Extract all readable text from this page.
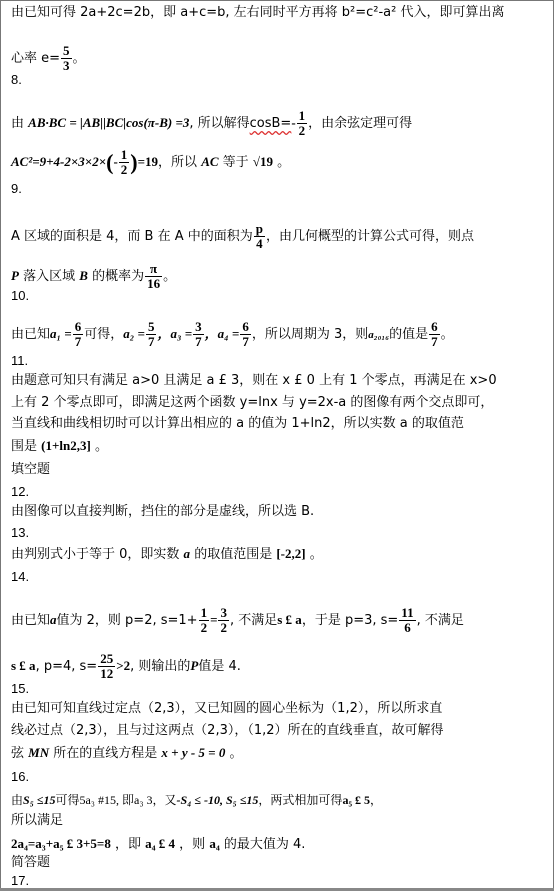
由已知可得 2a+2c=2b，即 a+c=b, 左右同时平方再将 b²=c²-a² 代入，即可算出离
心率 $e= \frac{5}{3}$ 。
8.
由 AB·BC = |AB||BC|cos(π-B) =3, 所以解得$\cos B=- \frac{1}{2}$ ，由余弦定理可得
$AC^2=9+4-2\times 3\times 2\times(- \frac{1}{2} )=19$，所以 AC 等于 √19 。
9.
A 区域的面积是 4，而 B 在 A 中的面积为 $\frac{p}{4}$ ，由几何概型的计算公式可得，则点
P 落入区域 B 的概率为 $\frac{\pi}{16}$ 。
10.
由已知$a_1 = \frac{6}{7}$ 可得，$a_2 = \frac{5}{7}$ ，$a_3 = \frac{3}{7}$ ，$a_4 = \frac{6}{7}$ ，所以周期为 3，则a₂₀₁₆的值是 $\frac{6}{7}$ 。
11.
由题意可知只有满足 a>0 且满足 a £ 3，则在 x £ 0 上有 1 个零点，再满足在 x>0
上有 2 个零点即可，即满足这两个函数 y=lnx 与 y=2x-a 的图像有两个交点即可，
当直线和曲线相切时可以计算出相应的 a 的值为 1+ln2，所以实数 a 的取值范
围是 (1+ln2,3] 。
填空题
12.
由图像可以直接判断，挡住的部分是虚线，所以选 B.
13.
由判别式小于等于 0，即实数 a 的取值范围是 [-2,2] 。
14.
由已知a值为 2，则 p=2, $s=1+ \frac{1}{2} = \frac{3}{2}$ , 不满足s £ a，于是 p=3, $s= \frac{11}{6}$ , 不满足
s £ a, p=4, $s= \frac{25}{12} >2$, 则输出的P值是 4.
15.
由已知可知直线过定点（2,3），又已知圆的圆心坐标为（1,2），所以所求直
线必过点（2,3），且与过这两点（2,3），（1,2）所在的直线垂直，故可解得
弦 MN 所在的直线方程是 x + y - 5 = 0 。
16.
由S₅ ≤15可得5a₃ #15, 即a₃ 3，又-S₄ ≤ -10, S₅ ≤15，两式相加可得a₅ £ 5，
所以满足
2a₄=a₃+a₅ £ 3+5=8 ，即 a₄ £ 4 ，则 a₄ 的最大值为 4.
简答题
17.
